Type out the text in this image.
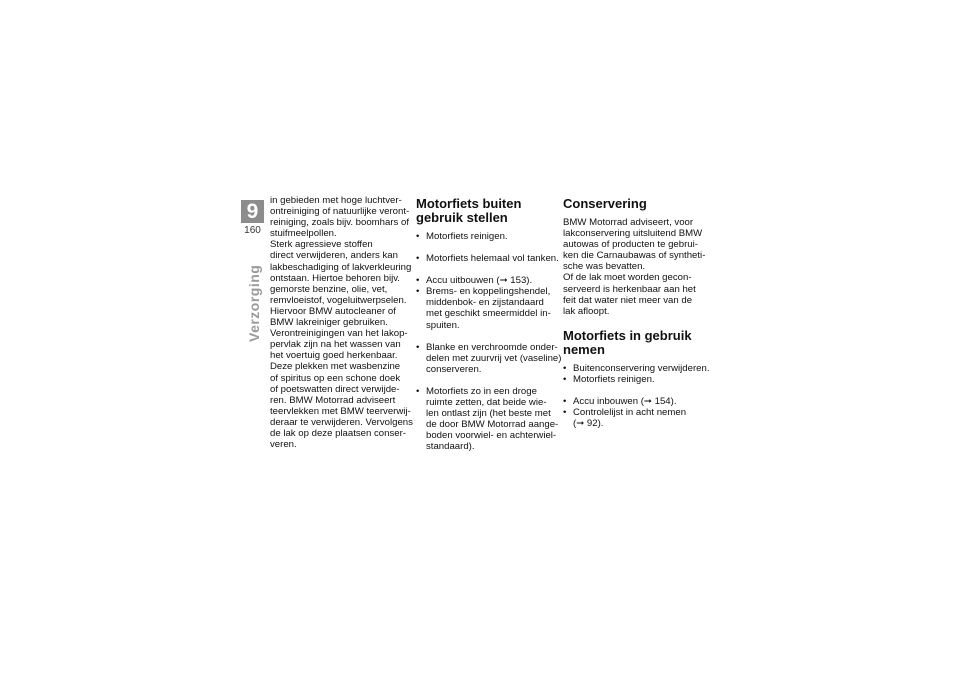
9
160
Verzorging
in gebieden met hoge luchtver-
ontreiniging of natuurlijke veront-
reiniging, zoals bijv. boomhars of
stuifmeelpollen.
Sterk agressieve stoffen
direct verwijderen, anders kan
lakbeschadiging of lakverkleuring
ontstaan. Hiertoe behoren bijv.
gemorste benzine, olie, vet,
remvloeistof, vogeluitwerpselen.
Hiervoor BMW autocleaner of
BMW lakreiniger gebruiken.
Verontreinigingen van het lakop-
pervlak zijn na het wassen van
het voertuig goed herkenbaar.
Deze plekken met wasbenzine
of spiritus op een schone doek
of poetswatten direct verwijde-
ren. BMW Motorrad adviseert
teervlekken met BMW teerverwij-
deraar te verwijderen. Vervolgens
de lak op deze plaatsen conser-
veren.
Motorfiets buiten
gebruik stellen
• Motorfiets reinigen.
• Motorfiets helemaal vol tanken.
• Accu uitbouwen (➞ 153).
• Brems- en koppelingshendel,
middenbok- en zijstandaard
met geschikt smeermiddel in-
spuiten.
• Blanke en verchroomde onder-
delen met zuurvrij vet (vaseline)
conserveren.
• Motorfiets zo in een droge
ruimte zetten, dat beide wie-
len ontlast zijn (het beste met
de door BMW Motorrad aange-
boden voorwiel- en achterwiel-
standaard).
Conservering
BMW Motorrad adviseert, voor
lakconservering uitsluitend BMW
autowas of producten te gebrui-
ken die Carnaubawas of syntheti-
sche was bevatten.
Of de lak moet worden gecon-
serveerd is herkenbaar aan het
feit dat water niet meer van de
lak afloopt.
Motorfiets in gebruik
nemen
• Buitenconservering verwijderen.
• Motorfiets reinigen.
• Accu inbouwen (➞ 154).
• Controlelijst in acht nemen
(➞ 92).
